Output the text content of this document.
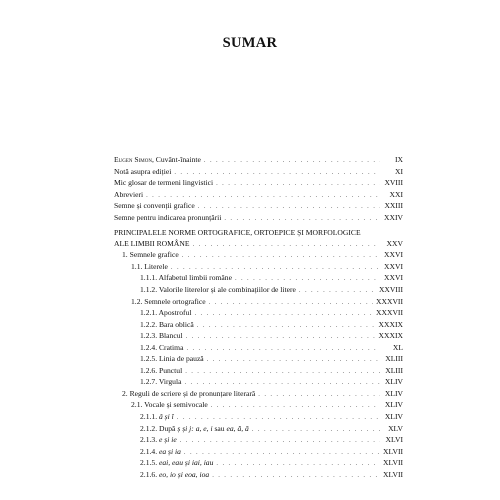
SUMAR
Eugen Simon, Cuvânt-înainte . . .	IX
Notă asupra ediției . . .	XI
Mic glosar de termeni lingvistici . . .	XVIII
Abrevieri . . .	XXI
Semne și convenții grafice . . .	XXIII
Semne pentru indicarea pronunțării . . .	XXIV
PRINCIPALELE NORME ORTOGRAFICE, ORTOEPICE ȘI MORFOLOGICE
ALE LIMBII ROMÂNE . . .	XXV
1. Semnele grafice . . .	XXVI
1.1. Literele . . .	XXVI
1.1.1. Alfabetul limbii române . . .	XXVI
1.1.2. Valorile literelor și ale combinațiilor de litere . . .	XXVIII
1.2. Semnele ortografice . . .	XXXVII
1.2.1. Apostroful . . .	XXXVII
1.2.2. Bara oblică . . .	XXXIX
1.2.3. Blancul . . .	XXXIX
1.2.4. Cratima . . .	XL
1.2.5. Linia de pauză . . .	XLIII
1.2.6. Punctul . . .	XLIII
1.2.7. Virgula . . .	XLIV
2. Reguli de scriere și de pronunțare literară . . .	XLIV
2.1. Vocale și semivocale . . .	XLIV
2.1.1. â și î . . .	XLIV
2.1.2. După ș și j: a, e, i sau ea, ă, ă . . .	XLV
2.1.3. e și ie . . .	XLVI
2.1.4. ea și ia . . .	XLVII
2.1.5. eai, eau și iai, iau . . .	XLVII
2.1.6. eo, io și eoa, ioa . . .	XLVII
